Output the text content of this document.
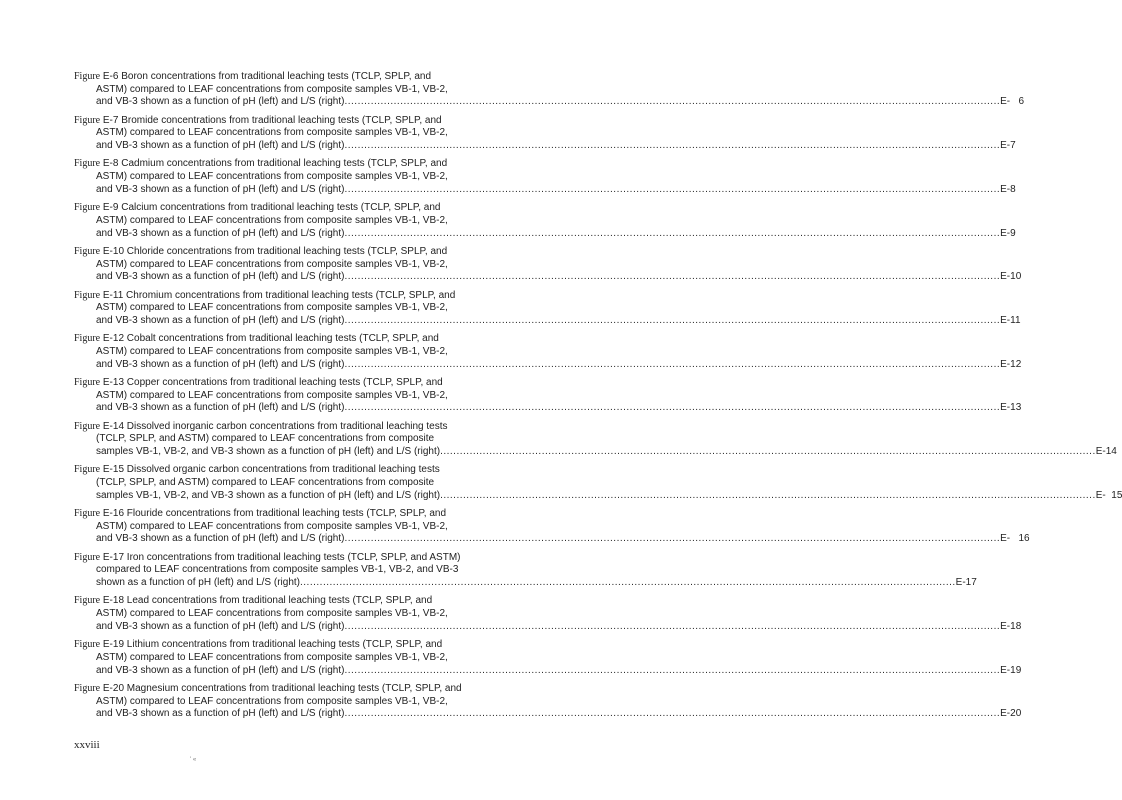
Figure E-6 Boron concentrations from traditional leaching tests (TCLP, SPLP, and
ASTM) compared to LEAF concentrations from composite samples VB-1, VB-2,
and VB-3 shown as a function of pH (left) and L/S (right) ........................................................................................................................................................................................................ E-   6
Figure E-7 Bromide concentrations from traditional leaching tests (TCLP, SPLP, and
ASTM) compared to LEAF concentrations from composite samples VB-1, VB-2,
and VB-3 shown as a function of pH (left) and L/S (right) ........................................................................................................................................................................................................ E-7
Figure E-8 Cadmium concentrations from traditional leaching tests (TCLP, SPLP, and
ASTM) compared to LEAF concentrations from composite samples VB-1, VB-2,
and VB-3 shown as a function of pH (left) and L/S (right) ........................................................................................................................................................................................................ E-8
Figure E-9 Calcium concentrations from traditional leaching tests (TCLP, SPLP, and
ASTM) compared to LEAF concentrations from composite samples VB-1, VB-2,
and VB-3 shown as a function of pH (left) and L/S (right) ........................................................................................................................................................................................................ E-9
Figure E-10 Chloride concentrations from traditional leaching tests (TCLP, SPLP, and
ASTM) compared to LEAF concentrations from composite samples VB-1, VB-2,
and VB-3 shown as a function of pH (left) and L/S (right) ........................................................................................................................................................................................................ E-10
Figure E-11 Chromium concentrations from traditional leaching tests (TCLP, SPLP, and
ASTM) compared to LEAF concentrations from composite samples VB-1, VB-2,
and VB-3 shown as a function of pH (left) and L/S (right) ........................................................................................................................................................................................................ E-11
Figure E-12 Cobalt concentrations from traditional leaching tests (TCLP, SPLP, and
ASTM) compared to LEAF concentrations from composite samples VB-1, VB-2,
and VB-3 shown as a function of pH (left) and L/S (right) ........................................................................................................................................................................................................ E-12
Figure E-13 Copper concentrations from traditional leaching tests (TCLP, SPLP, and
ASTM) compared to LEAF concentrations from composite samples VB-1, VB-2,
and VB-3 shown as a function of pH (left) and L/S (right) ........................................................................................................................................................................................................ E-13
Figure E-14 Dissolved inorganic carbon concentrations from traditional leaching tests
(TCLP, SPLP, and ASTM) compared to LEAF concentrations from composite
samples VB-1, VB-2, and VB-3 shown as a function of pH (left) and L/S (right) ........................................................................................................................................................................................................ E-14
Figure E-15 Dissolved organic carbon concentrations from traditional leaching tests
(TCLP, SPLP, and ASTM) compared to LEAF concentrations from composite
samples VB-1, VB-2, and VB-3 shown as a function of pH (left) and L/S (right) ........................................................................................................................................................................................................ E-  15
Figure E-16 Flouride concentrations from traditional leaching tests (TCLP, SPLP, and
ASTM) compared to LEAF concentrations from composite samples VB-1, VB-2,
and VB-3 shown as a function of pH (left) and L/S (right) ........................................................................................................................................................................................................ E-   16
Figure E-17 Iron concentrations from traditional leaching tests (TCLP, SPLP, and ASTM)
compared to LEAF concentrations from composite samples VB-1, VB-2, and VB-3
shown as a function of pH (left) and L/S (right) ........................................................................................................................................................................................................ E-17
Figure E-18 Lead concentrations from traditional leaching tests (TCLP, SPLP, and
ASTM) compared to LEAF concentrations from composite samples VB-1, VB-2,
and VB-3 shown as a function of pH (left) and L/S (right) ........................................................................................................................................................................................................ E-18
Figure E-19 Lithium concentrations from traditional leaching tests (TCLP, SPLP, and
ASTM) compared to LEAF concentrations from composite samples VB-1, VB-2,
and VB-3 shown as a function of pH (left) and L/S (right) ........................................................................................................................................................................................................ E-19
Figure E-20 Magnesium concentrations from traditional leaching tests (TCLP, SPLP, and
ASTM) compared to LEAF concentrations from composite samples VB-1, VB-2,
and VB-3 shown as a function of pH (left) and L/S (right) ........................................................................................................................................................................................................ E-20
xxviii
' «
